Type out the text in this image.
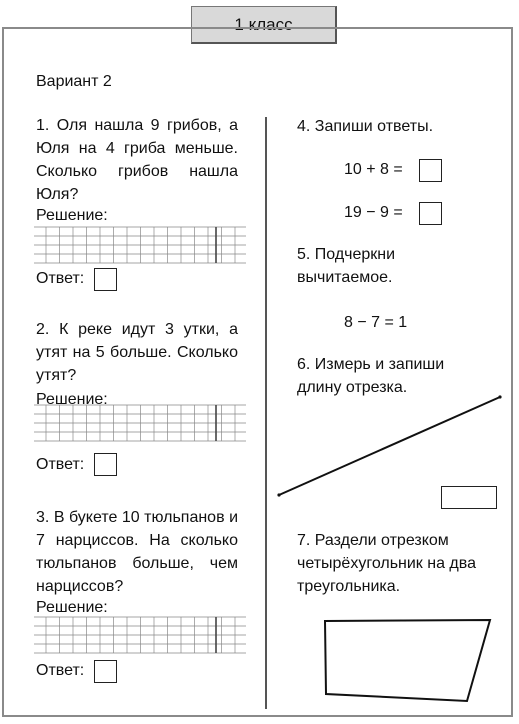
1 класс

Вариант 2

1. Оля нашла 9 грибов, а Юля на 4 гриба меньше. Сколько грибов нашла Юля?

Решение:

Ответ:

2. К реке идут 3 утки, а утят на 5 больше. Сколько утят?

Решение:

Ответ:

3. В букете 10 тюльпанов и 7 нарциссов. На сколько тюльпанов больше, чем нарциссов?

Решение:

Ответ:

4. Запиши ответы.

10 + 8 =

19 − 9 =

5. Подчеркни вычитаемое.

8 − 7 = 1

6. Измерь и запиши длину отрезка.

7. Раздели отрезком четырёхугольник на два треугольника.
